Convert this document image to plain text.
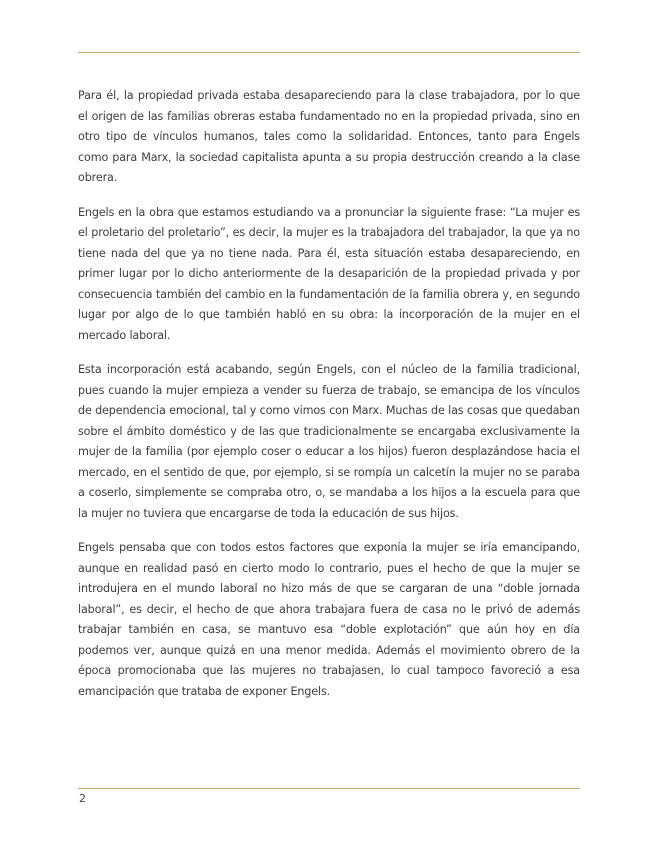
Para él, la propiedad privada estaba desapareciendo para la clase trabajadora, por lo que el origen de las familias obreras estaba fundamentado no en la propiedad privada, sino en otro tipo de vínculos humanos, tales como la solidaridad. Entonces, tanto para Engels como para Marx, la sociedad capitalista apunta a su propia destrucción creando a la clase obrera.

Engels en la obra que estamos estudiando va a pronunciar la siguiente frase: “La mujer es el proletario del proletario”, es decir, la mujer es la trabajadora del trabajador, la que ya no tiene nada del que ya no tiene nada. Para él, esta situación estaba desapareciendo, en primer lugar por lo dicho anteriormente de la desaparición de la propiedad privada y por consecuencia también del cambio en la fundamentación de la familia obrera y, en segundo lugar por algo de lo que también habló en su obra: la incorporación de la mujer en el mercado laboral.

Esta incorporación está acabando, según Engels, con el núcleo de la familia tradicional, pues cuando la mujer empieza a vender su fuerza de trabajo, se emancipa de los vínculos de dependencia emocional, tal y como vimos con Marx. Muchas de las cosas que quedaban sobre el ámbito doméstico y de las que tradicionalmente se encargaba exclusivamente la mujer de la familia (por ejemplo coser o educar a los hijos) fueron desplazándose hacia el mercado, en el sentido de que, por ejemplo, si se rompía un calcetín la mujer no se paraba a coserlo, simplemente se compraba otro, o, se mandaba a los hijos a la escuela para que la mujer no tuviera que encargarse de toda la educación de sus hijos.

Engels pensaba que con todos estos factores que exponía la mujer se iría emancipando, aunque en realidad pasó en cierto modo lo contrario, pues el hecho de que la mujer se introdujera en el mundo laboral no hizo más de que se cargaran de una “doble jornada laboral”, es decir, el hecho de que ahora trabajara fuera de casa no le privó de además trabajar también en casa, se mantuvo esa “doble explotación” que aún hoy en día podemos ver, aunque quizá en una menor medida. Además el movimiento obrero de la época promocionaba que las mujeres no trabajasen, lo cual tampoco favoreció a esa emancipación que trataba de exponer Engels.

2
